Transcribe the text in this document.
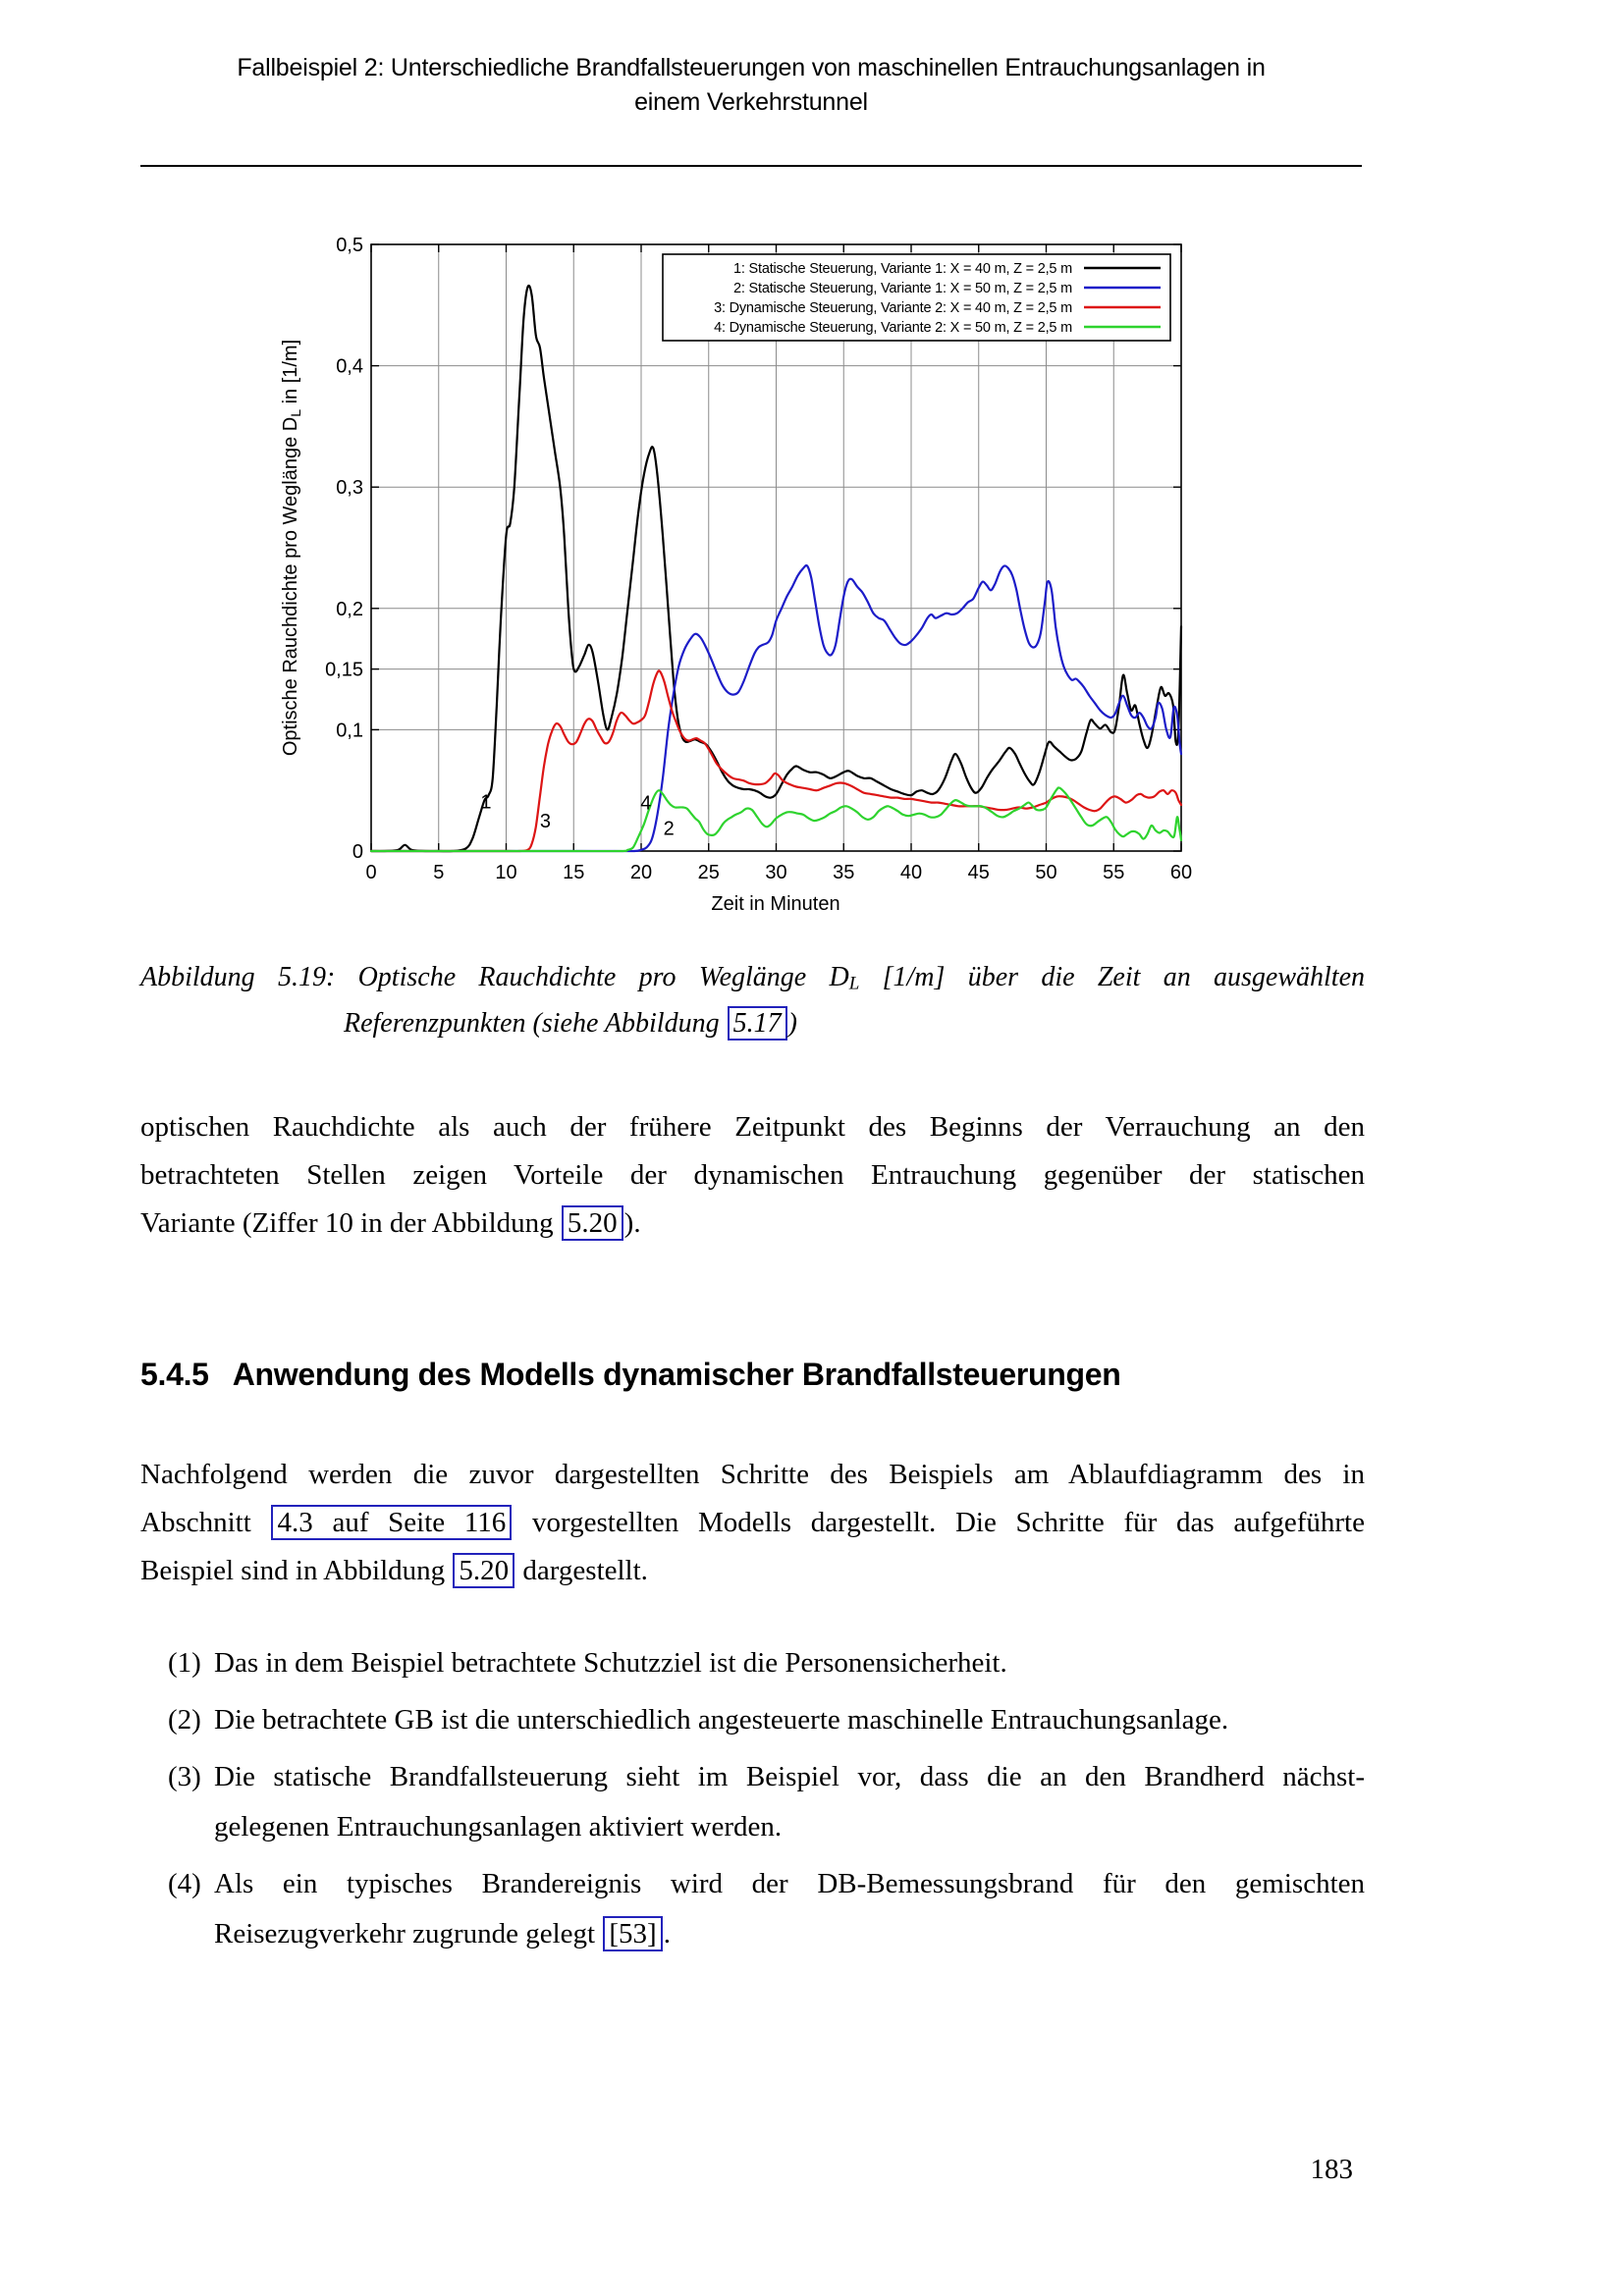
Fallbeispiel 2: Unterschiedliche Brandfallsteuerungen von maschinellen Entrauchungsanlagen in
einem Verkehrstunnel
Zeit in Minuten
Optische Rauchdichte pro Weglänge $D_L$ in [1/m]
0	5	10 15 20 25 30 35 40 45 50 55 60
0
0,1
0,15
0,2
0,3
0,4
0,5
1
3
4
2
1: Statische Steuerung, Variante 1: X = 40 m, Z = 2,5 m
2: Statische Steuerung, Variante 1: X = 50 m, Z = 2,5 m
3: Dynamische Steuerung, Variante 2: X = 40 m, Z = 2,5 m
4: Dynamische Steuerung, Variante 2: X = 50 m, Z = 2,5 m
Abbildung 5.19: Optische Rauchdichte pro Weglänge DL [1/m] über die Zeit an ausgewählten
Referenzpunkten (siehe Abbildung 5.17 )
optischen Rauchdichte als auch der frühere Zeitpunkt des Beginns der Verrauchung an den
betrachteten Stellen zeigen Vorteile der dynamischen Entrauchung gegenüber der statischen
Variante (Ziffer 10 in der Abbildung 5.20 ).
5.4.5 Anwendung des Modells dynamischer Brandfallsteuerungen
Nachfolgend werden die zuvor dargestellten Schritte des Beispiels am Ablaufdiagramm des in
Abschnitt 4.3 auf Seite 116 vorgestellten Modells dargestellt. Die Schritte für das aufgeführte
Beispiel sind in Abbildung 5.20 dargestellt.
(1) Das in dem Beispiel betrachtete Schutzziel ist die Personensicherheit.
(2) Die betrachtete GB ist die unterschiedlich angesteuerte maschinelle Entrauchungsanlage.
(3) Die statische Brandfallsteuerung sieht im Beispiel vor, dass die an den Brandherd nächst-
gelegenen Entrauchungsanlagen aktiviert werden.
(4) Als ein typisches Brandereignis wird der DB-Bemessungsbrand für den gemischten
Reisezugverkehr zugrunde gelegt [53] .
183
